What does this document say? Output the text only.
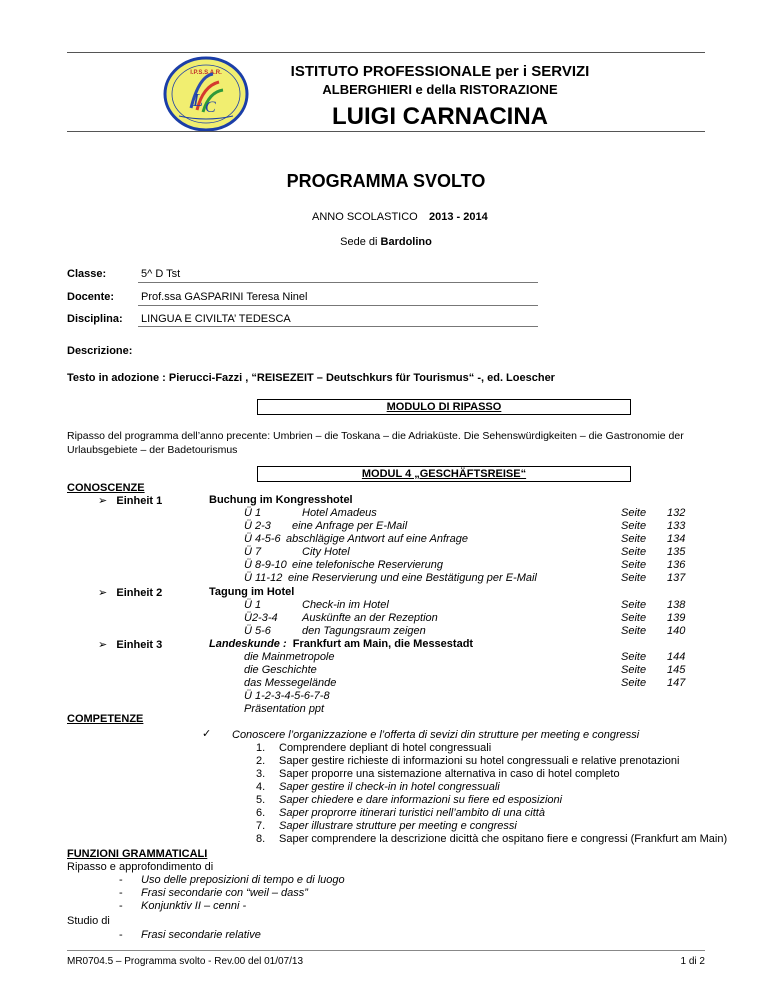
I.P.S.S.A.R.
L C
ISTITUTO PROFESSIONALE per i SERVIZI
ALBERGHIERI e della RISTORAZIONE
LUIGI CARNACINA
PROGRAMMA SVOLTO
ANNO SCOLASTICO 2013 - 2014
Sede di Bardolino
Classe:	5^ D Tst
Docente: Prof.ssa GASPARINI Teresa Ninel
Disciplina: LINGUA E CIVILTA’ TEDESCA
Descrizione:
Testo in adozione : Pierucci-Fazzi , “REISEZEIT – Deutschkurs für Tourismus“ -, ed. Loescher
MODULO DI RIPASSO
Ripasso del programma dell’anno precente: Umbrien – die Toskana – die Adriaküste. Die Sehenswürdigkeiten – die Gastronomie der
Urlaubsgebiete – der Badetourismus
MODUL 4 „GESCHÄFTSREISE“
CONOSCENZE
➢ Einheit 1	Buchung im Kongresshotel
Ü 1	Hotel Amadeus	Seite 132
Ü 2-3 eine Anfrage per E-Mail	Seite 133
Ü 4-5-6 abschlägige Antwort auf eine Anfrage	Seite 134
Ü 7	City Hotel	Seite 135
Ü 8-9-10 eine telefonische Reservierung	Seite 136
Ü 11-12 eine Reservierung und eine Bestätigung per E-Mail	Seite 137
➢ Einheit 2	Tagung im Hotel
Ü 1	Check-in im Hotel	Seite 138
Ü2-3-4 Auskünfte an der Rezeption	Seite 139
Ü 5-6	den Tagungsraum zeigen	Seite 140
➢ Einheit 3	Landeskunde : Frankfurt am Main, die Messestadt
die Mainmetropole	Seite 144
die Geschichte	Seite 145
das Messegelände	Seite 147
Ü 1-2-3-4-5-6-7-8
Präsentation ppt
COMPETENZE
✓ Conoscere l’organizzazione e l’offerta di sevizi din strutture per meeting e congressi
1. Comprendere depliant di hotel congressuali
2. Saper gestire richieste di informazioni su hotel congressuali e relative prenotazioni
3. Saper proporre una sistemazione alternativa in caso di hotel completo
4. Saper gestire il check-in in hotel congressuali
5. Saper chiedere e dare informazioni su fiere ed esposizioni
6. Saper proprorre itinerari turistici nell’ambito di una città
7. Saper illustrare strutture per meeting e congressi
8. Saper comprendere la descrizione dicittà che ospitano fiere e congressi (Frankfurt am Main)
FUNZIONI GRAMMATICALI
Ripasso e approfondimento di
- Uso delle preposizioni di tempo e di luogo
- Frasi secondarie con “weil – dass”
- Konjunktiv II – cenni -
Studio di
- Frasi secondarie relative
MR0704.5 – Programma svolto - Rev.00 del 01/07/13	1 di 2
